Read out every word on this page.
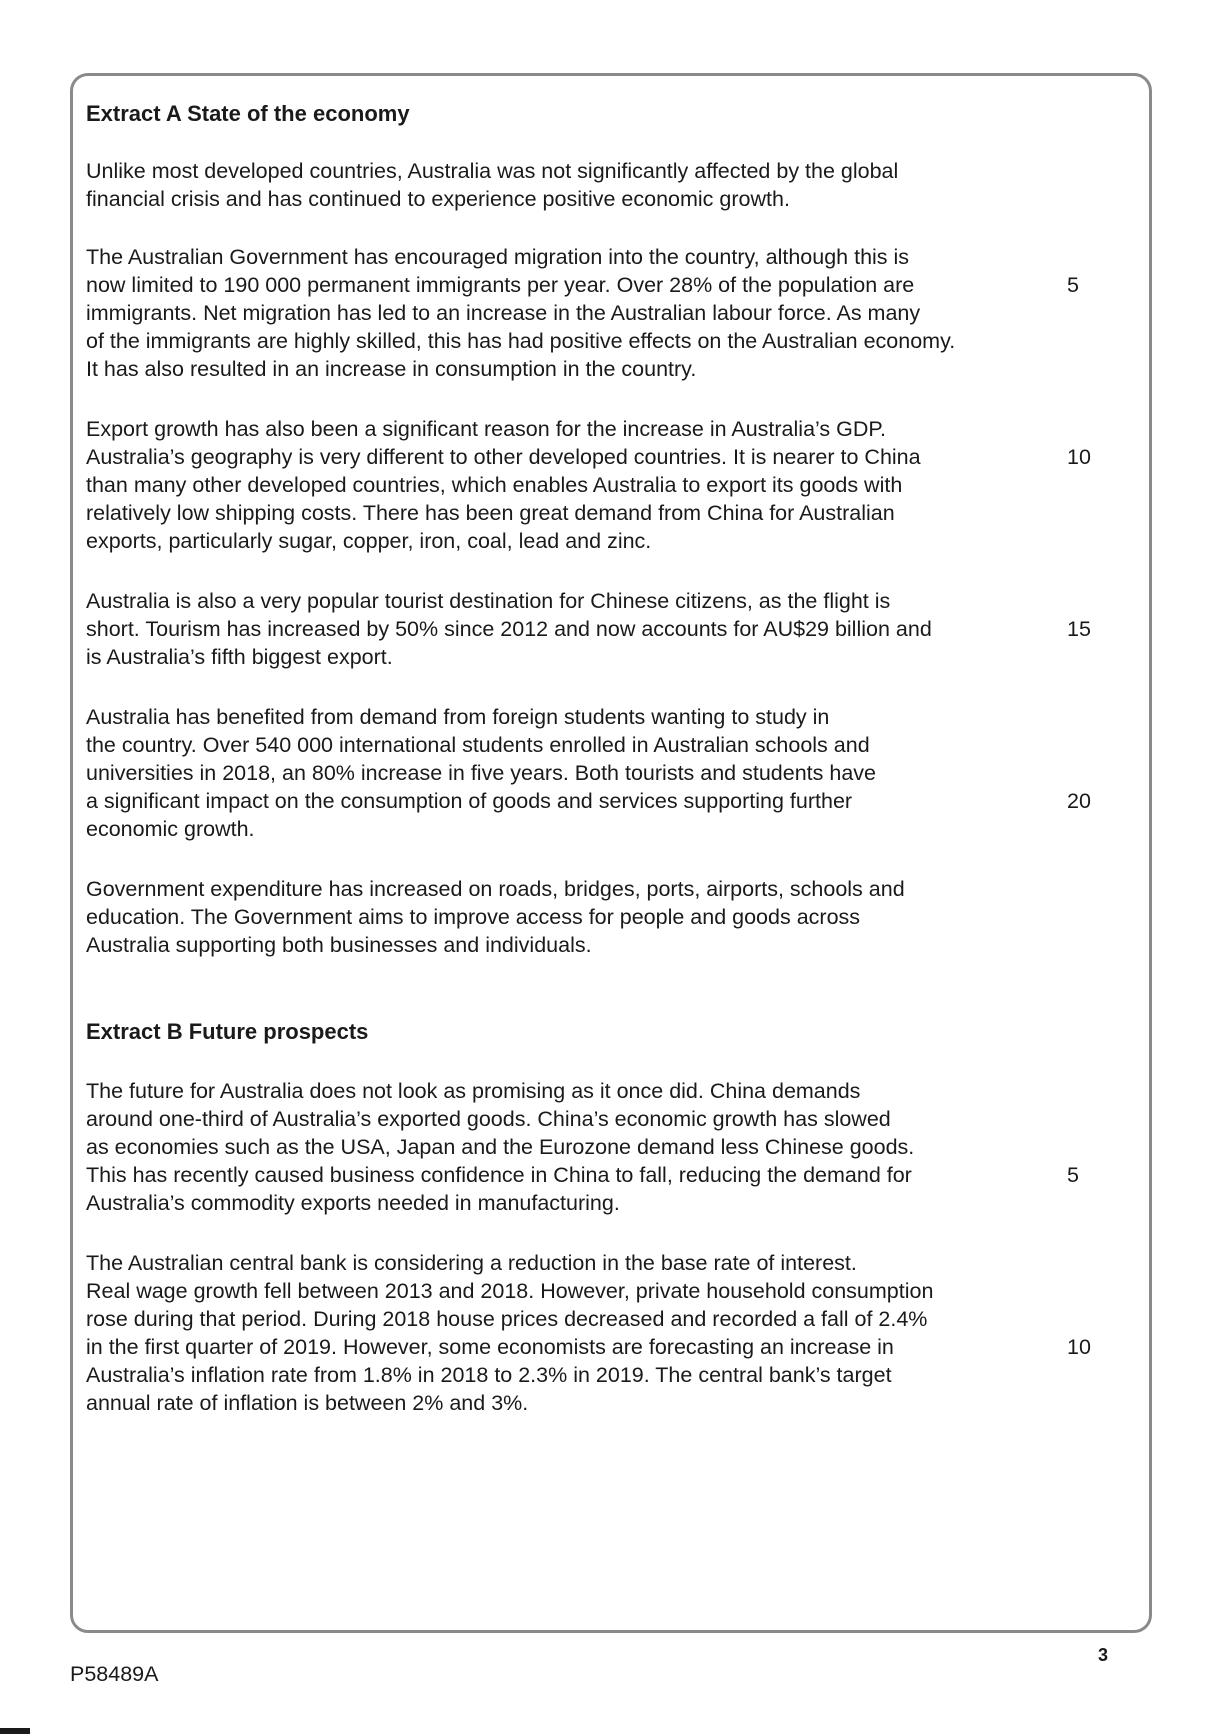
Extract A State of the economy

Unlike most developed countries, Australia was not significantly affected by the global

financial crisis and has continued to experience positive economic growth.

The Australian Government has encouraged migration into the country, although this is

now limited to 190 000 permanent immigrants per year. Over 28% of the population are

immigrants. Net migration has led to an increase in the Australian labour force. As many

of the immigrants are highly skilled, this has had positive effects on the Australian economy.

It has also resulted in an increase in consumption in the country.

Export growth has also been a significant reason for the increase in Australia’s GDP.

Australia’s geography is very different to other developed countries. It is nearer to China

than many other developed countries, which enables Australia to export its goods with

relatively low shipping costs. There has been great demand from China for Australian

exports, particularly sugar, copper, iron, coal, lead and zinc.

Australia is also a very popular tourist destination for Chinese citizens, as the flight is

short. Tourism has increased by 50% since 2012 and now accounts for AU$29 billion and

is Australia’s fifth biggest export.

Australia has benefited from demand from foreign students wanting to study in

the country. Over 540 000 international students enrolled in Australian schools and

universities in 2018, an 80% increase in five years. Both tourists and students have

a significant impact on the consumption of goods and services supporting further

economic growth.

Government expenditure has increased on roads, bridges, ports, airports, schools and

education. The Government aims to improve access for people and goods across

Australia supporting both businesses and individuals.

5
10
15
20
Extract B Future prospects

The future for Australia does not look as promising as it once did. China demands

around one-third of Australia’s exported goods. China’s economic growth has slowed

as economies such as the USA, Japan and the Eurozone demand less Chinese goods.

This has recently caused business confidence in China to fall, reducing the demand for

Australia’s commodity exports needed in manufacturing.

The Australian central bank is considering a reduction in the base rate of interest.

Real wage growth fell between 2013 and 2018. However, private household consumption

rose during that period. During 2018 house prices decreased and recorded a fall of 2.4%

in the first quarter of 2019. However, some economists are forecasting an increase in

Australia’s inflation rate from 1.8% in 2018 to 2.3% in 2019. The central bank’s target

annual rate of inflation is between 2% and 3%.

5
10
3
P58489A
